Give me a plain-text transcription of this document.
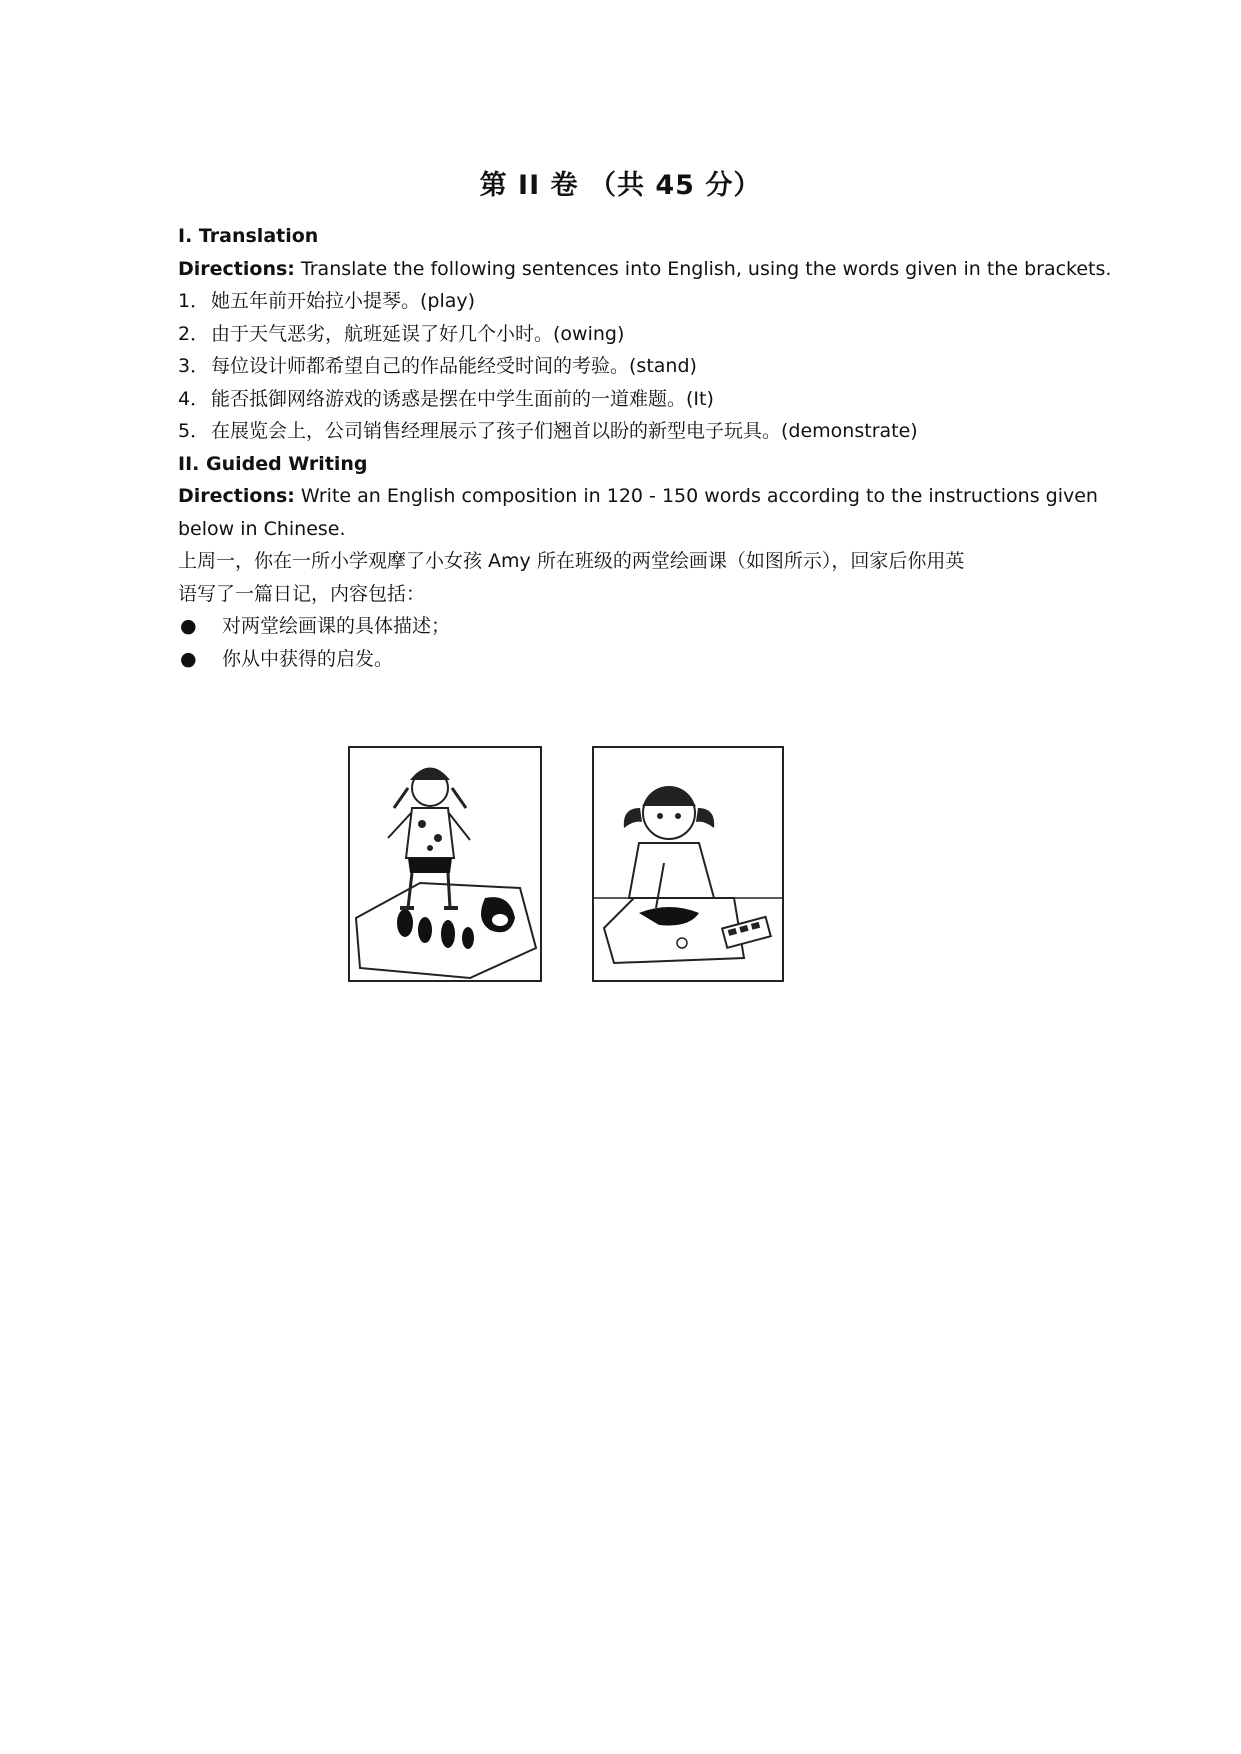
第 II 卷 （共 45 分）
I. Translation
Directions: Translate the following sentences into English, using the words given in the brackets.
1． 她五年前开始拉小提琴。(play)
2． 由于天气恶劣，航班延误了好几个小时。(owing)
3． 每位设计师都希望自己的作品能经受时间的考验。(stand)
4． 能否抵御网络游戏的诱惑是摆在中学生面前的一道难题。(It)
5． 在展览会上，公司销售经理展示了孩子们翘首以盼的新型电子玩具。(demonstrate)
II. Guided Writing
Directions: Write an English composition in 120 - 150 words according to the instructions given
below in Chinese.
上周一，你在一所小学观摩了小女孩 Amy 所在班级的两堂绘画课（如图所示），回家后你用英
语写了一篇日记，内容包括：
● 对两堂绘画课的具体描述；
● 你从中获得的启发。
